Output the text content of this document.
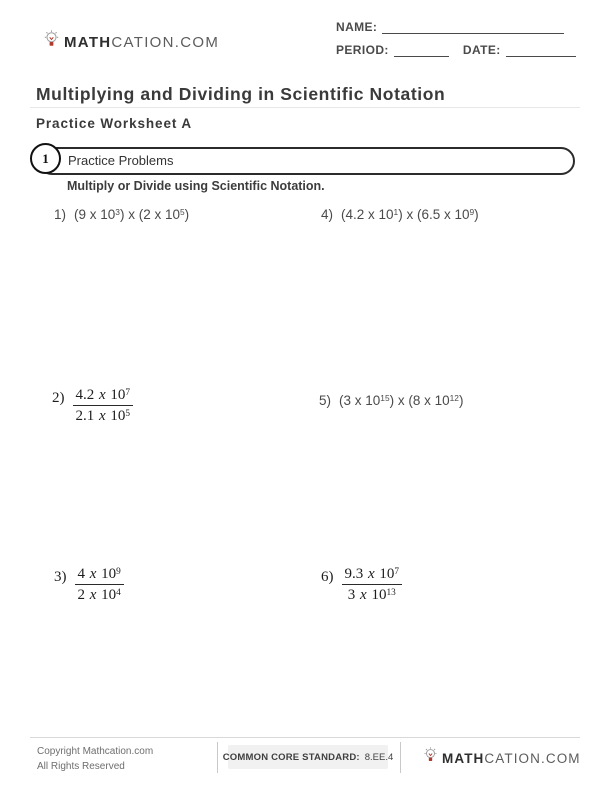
MATHCATION.COM
NAME:
PERIOD:	DATE:
Multiplying and Dividing in Scientific Notation
Practice Worksheet A
Practice Problems
1
Multiply or Divide using Scientific Notation.
1) (9 x $10^3$) x (2 x $10^5$)
$2) \frac{4.2 x 10^7}{2.1 x 10^5}$
$3) \frac{4 x 10^9}{2 x 10^4}$
4) (4.2 x $10^1$) x (6.5 x $10^9$)
5) (3 x $10^{15}$) x (8 x $10^{12}$)
$6) \frac{9.3 x 10^7}{3 x 10^{13}}$
Copyright Mathcation.com
All Rights Reserved
COMMON CORE STANDARD: 8.EE.4	MATHCATION.COM
